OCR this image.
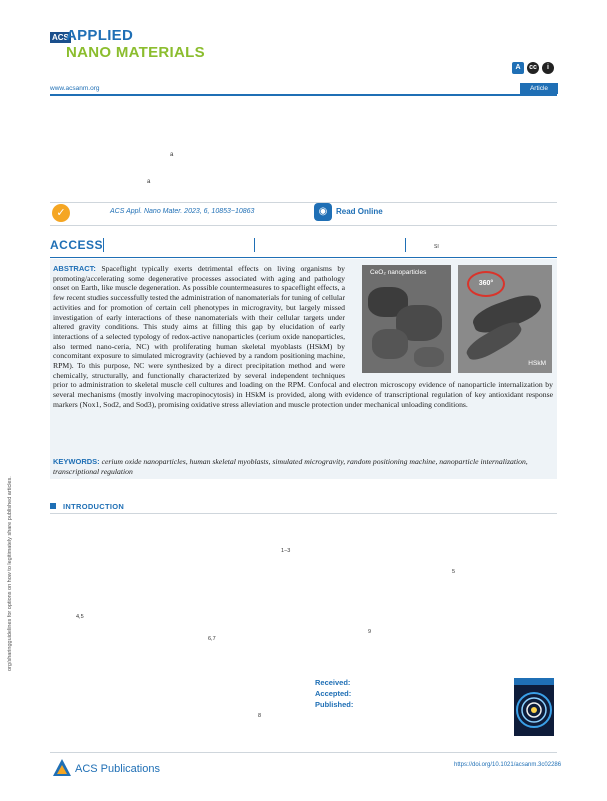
ACS
APPLIED
NANO MATERIALS
A	cc	i
www.acsanm.org	Article
a
a
✓	ACS Appl. Nano Mater. 2023, 6, 10853−10863	◉	Read Online
ACCESS	SI
org/sharingguidelines for options on how to legitimately share published articles.
ABSTRACT: Spaceflight typically exerts detrimental effects on living organisms by promoting/accelerating some degenerative processes associated with aging and pathology onset on Earth, like muscle degeneration. As possible countermeasures to spaceflight effects, a few recent studies successfully tested the administration of nanomaterials for tuning of cellular activities and for promotion of certain cell phenotypes in microgravity, but largely missed investigation of early interactions of these nanomaterials with their cellular targets under altered gravity conditions. This study aims at filling this gap by elucidation of early interactions of a selected typology of redox-active nanoparticles (cerium oxide nanoparticles, also termed nano-ceria, NC) with proliferating human skeletal myoblasts (HSkM) by concomitant exposure to simulated microgravity (achieved by a random positioning machine, RPM). To this purpose, NC were synthesized by a direct precipitation method and were chemically, structurally, and functionally characterized by several independent techniques prior to administration to skeletal muscle cell cultures and loading on the RPM. Confocal and electron microscopy evidence of nanoparticle internalization by several mechanisms (mostly involving macropinocytosis) in HSkM is provided, along with evidence of transcriptional regulation of key antioxidant response markers (Nox1, Sod2, and Sod3), promising oxidative stress alleviation and muscle protection under mechanical unloading conditions.
CeO₂ nanoparticles
360°
HSkM
KEYWORDS: cerium oxide nanoparticles, human skeletal myoblasts, simulated microgravity, random positioning machine, nanoparticle internalization, transcriptional regulation
INTRODUCTION
1−3
5
4,5
6,7
9
8
Received:
Accepted:
Published:
ACS Publications	https://doi.org/10.1021/acsanm.3c02286
